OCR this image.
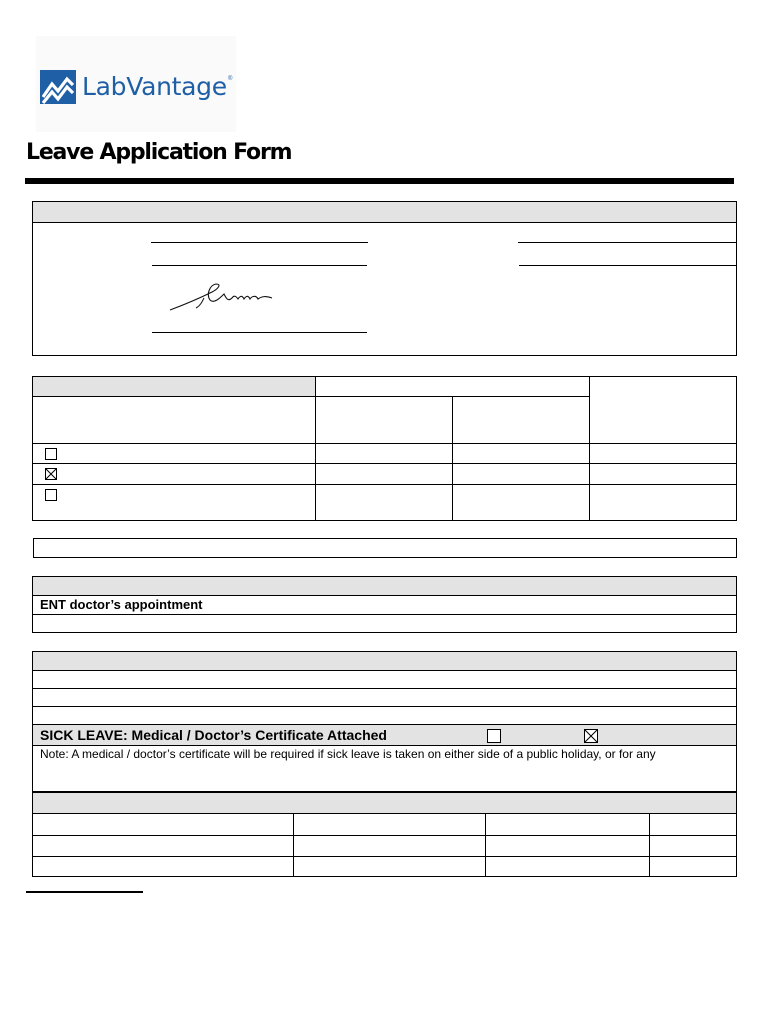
LabVantage ®
Leave Application Form
ENT doctor’s appointment
SICK LEAVE: Medical / Doctor’s Certificate Attached
Note: A medical / doctor’s certificate will be required if sick leave is taken on either side of a public holiday, or for any
